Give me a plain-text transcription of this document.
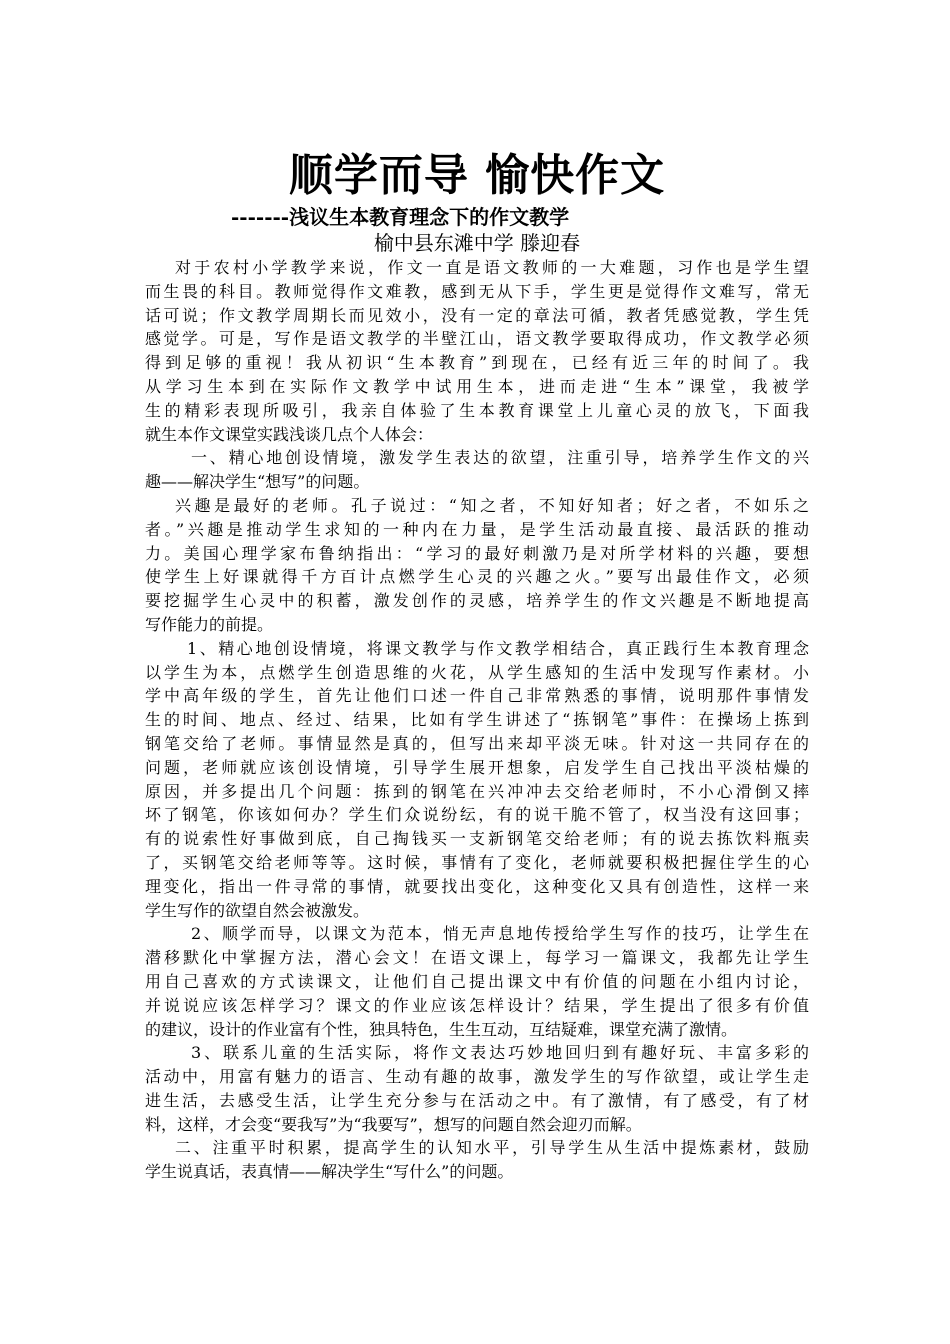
顺学而导 愉快作文

-------浅议生本教育理念下的作文教学

榆中县东滩中学 滕迎春

对于农村小学教学来说，作文一直是语文教师的一大难题，习作也是学生望
而生畏的科目。教师觉得作文难教，感到无从下手，学生更是觉得作文难写，常无
话可说；作文教学周期长而见效小，没有一定的章法可循，教者凭感觉教，学生凭
感觉学。可是，写作是语文教学的半壁江山，语文教学要取得成功，作文教学必须
得到足够的重视！我从初识“生本教育”到现在，已经有近三年的时间了。我
从学习生本到在实际作文教学中试用生本，进而走进“生本”课堂，我被学
生的精彩表现所吸引，我亲自体验了生本教育课堂上儿童心灵的放飞，下面我
就生本作文课堂实践浅谈几点个人体会：
一、精心地创设情境，激发学生表达的欲望，注重引导，培养学生作文的兴
趣——解决学生“想写”的问题。
兴趣是最好的老师。孔子说过：“知之者，不知好知者；好之者，不如乐之
者。”兴趣是推动学生求知的一种内在力量，是学生活动最直接、最活跃的推动
力。美国心理学家布鲁纳指出：“学习的最好刺激乃是对所学材料的兴趣，要想
使学生上好课就得千方百计点燃学生心灵的兴趣之火。”要写出最佳作文，必须
要挖掘学生心灵中的积蓄，激发创作的灵感，培养学生的作文兴趣是不断地提高
写作能力的前提。
1、精心地创设情境，将课文教学与作文教学相结合，真正践行生本教育理念
以学生为本，点燃学生创造思维的火花，从学生感知的生活中发现写作素材。小
学中高年级的学生，首先让他们口述一件自己非常熟悉的事情，说明那件事情发
生的时间、地点、经过、结果，比如有学生讲述了“拣钢笔”事件：在操场上拣到
钢笔交给了老师。事情显然是真的，但写出来却平淡无味。针对这一共同存在的
问题，老师就应该创设情境，引导学生展开想象，启发学生自己找出平淡枯燥的
原因，并多提出几个问题：拣到的钢笔在兴冲冲去交给老师时，不小心滑倒又摔
坏了钢笔，你该如何办？学生们众说纷纭，有的说干脆不管了，权当没有这回事；
有的说索性好事做到底，自己掏钱买一支新钢笔交给老师；有的说去拣饮料瓶卖
了，买钢笔交给老师等等。这时候，事情有了变化，老师就要积极把握住学生的心
理变化，指出一件寻常的事情，就要找出变化，这种变化又具有创造性，这样一来
学生写作的欲望自然会被激发。
2、顺学而导，以课文为范本，悄无声息地传授给学生写作的技巧，让学生在
潜移默化中掌握方法，潜心会文！在语文课上，每学习一篇课文，我都先让学生
用自己喜欢的方式读课文，让他们自己提出课文中有价值的问题在小组内讨论，
并说说应该怎样学习？课文的作业应该怎样设计？结果，学生提出了很多有价值
的建议，设计的作业富有个性，独具特色，生生互动，互结疑难，课堂充满了激情。
3、联系儿童的生活实际，将作文表达巧妙地回归到有趣好玩、丰富多彩的
活动中，用富有魅力的语言、生动有趣的故事，激发学生的写作欲望，或让学生走
进生活，去感受生活，让学生充分参与在活动之中。有了激情，有了感受，有了材
料，这样，才会变“要我写”为“我要写”，想写的问题自然会迎刃而解。
二、注重平时积累，提高学生的认知水平，引导学生从生活中提炼素材，鼓励
学生说真话，表真情——解决学生“写什么”的问题。
